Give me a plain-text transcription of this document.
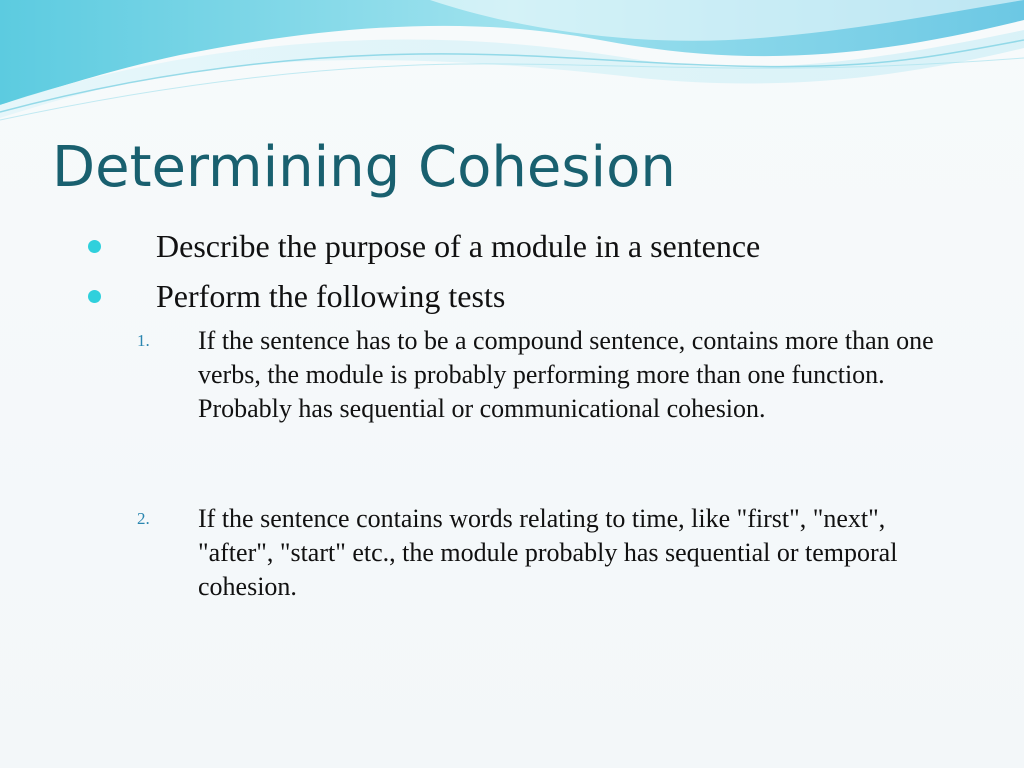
Determining Cohesion
Describe the purpose of a module in a sentence
Perform the following tests
1. If the sentence has to be a compound sentence, contains more than one verbs, the module is probably performing more than one function. Probably has sequential or communicational cohesion.

2. If the sentence contains words relating to time, like "first", "next", "after", "start" etc., the module probably has sequential or temporal cohesion.
